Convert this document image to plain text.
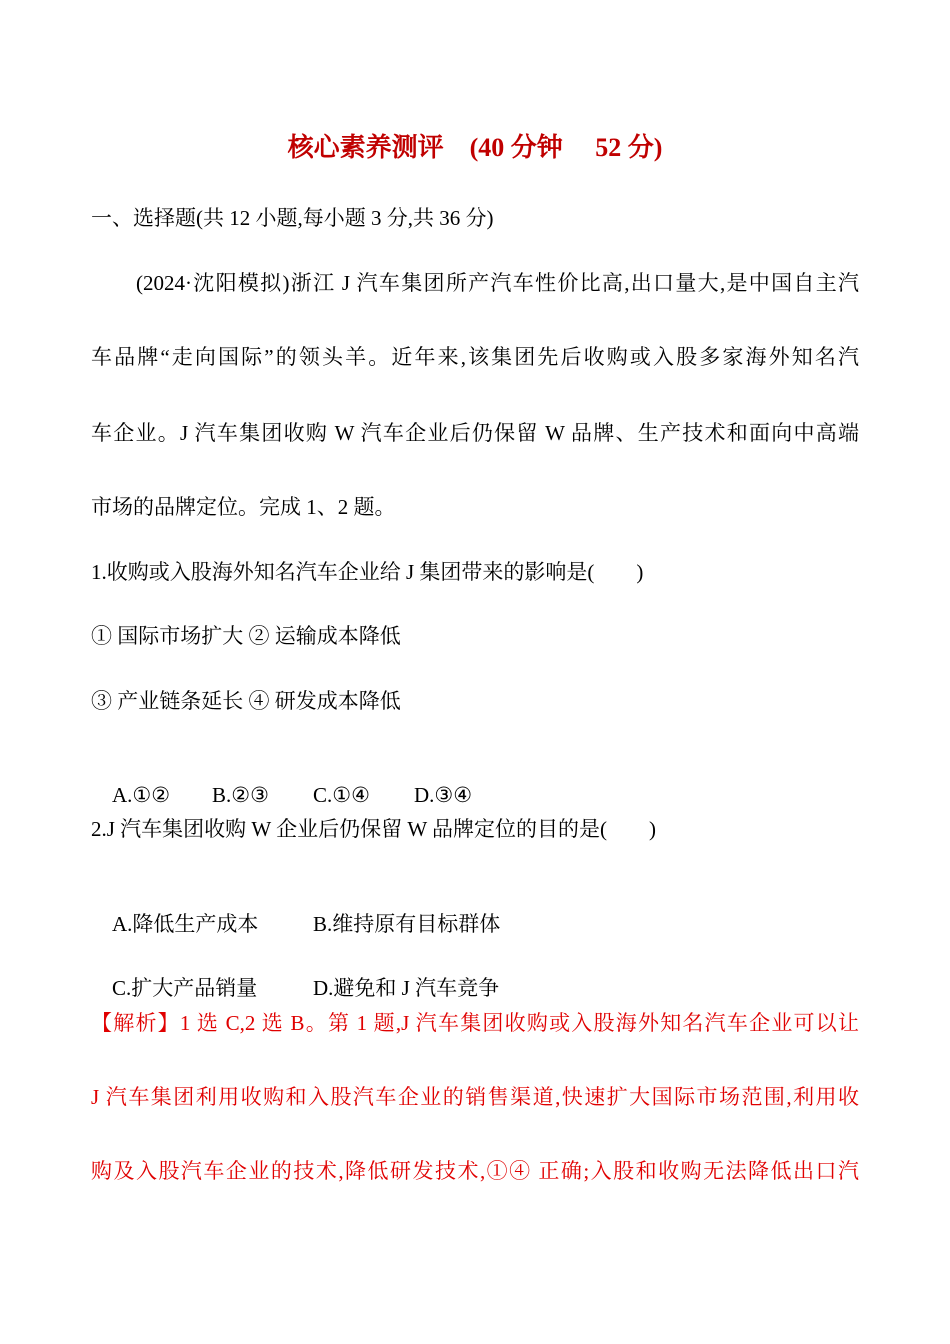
核心素养测评　(40 分钟　 52 分)
一、选择题(共 12 小题,每小题 3 分,共 36 分)
(2024·沈阳模拟)浙江 J 汽车集团所产汽车性价比高,出口量大,是中国自主汽
车品牌“走向国际”的领头羊。近年来,该集团先后收购或入股多家海外知名汽
车企业。J 汽车集团收购 W 汽车企业后仍保留 W 品牌、生产技术和面向中高端
市场的品牌定位。完成 1、2 题。
1.收购或入股海外知名汽车企业给 J 集团带来的影响是(　　)
① 国际市场扩大 ② 运输成本降低
③ 产业链条延长 ④ 研发成本降低

A.①② B.②③ C.①④ D.③④

2.J 汽车集团收购 W 企业后仍保留 W 品牌定位的目的是(　　)

A.降低生产成本	B.维持原有目标群体

C.扩大产品销量	D.避免和 J 汽车竞争

【解析】1 选 C,2 选 B。第 1 题,J 汽车集团收购或入股海外知名汽车企业可以让
J 汽车集团利用收购和入股汽车企业的销售渠道,快速扩大国际市场范围,利用收
购及入股汽车企业的技术,降低研发技术,①④ 正确;入股和收购无法降低出口汽
